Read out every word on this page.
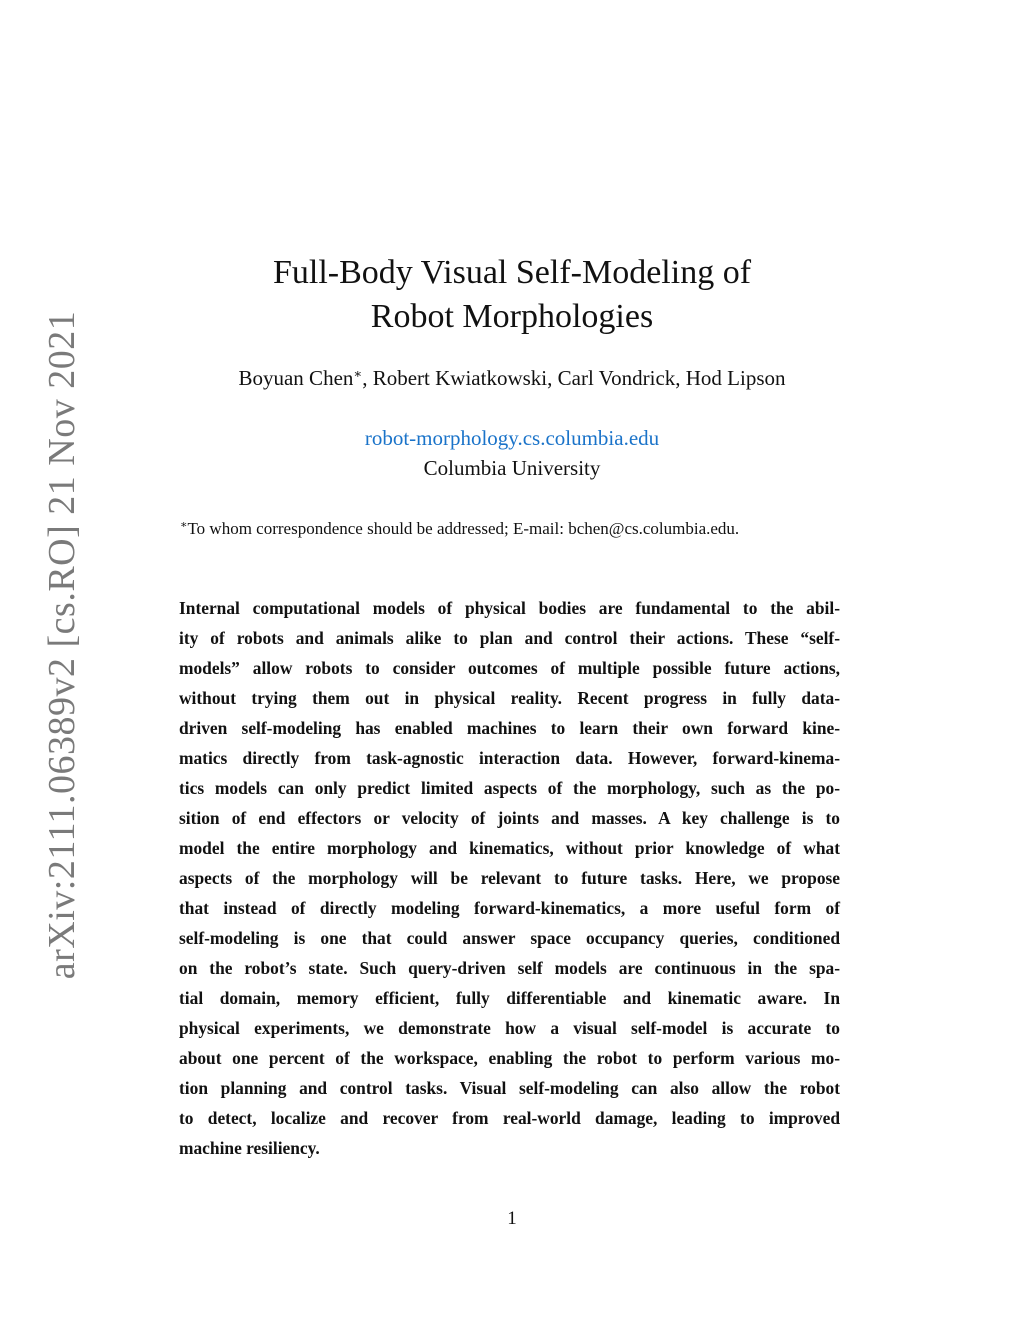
arXiv:2111.06389v2 [cs.RO] 21 Nov 2021
Full-Body Visual Self-Modeling of
Robot Morphologies
Boyuan Chen∗, Robert Kwiatkowski, Carl Vondrick, Hod Lipson
robot-morphology.cs.columbia.edu
Columbia University
∗To whom correspondence should be addressed; E-mail: bchen@cs.columbia.edu.
Internal computational models of physical bodies are fundamental to the abil-
ity of robots and animals alike to plan and control their actions. These “self-
models” allow robots to consider outcomes of multiple possible future actions,
without trying them out in physical reality. Recent progress in fully data-
driven self-modeling has enabled machines to learn their own forward kine-
matics directly from task-agnostic interaction data. However, forward-kinema-
tics models can only predict limited aspects of the morphology, such as the po-
sition of end effectors or velocity of joints and masses. A key challenge is to
model the entire morphology and kinematics, without prior knowledge of what
aspects of the morphology will be relevant to future tasks. Here, we propose
that instead of directly modeling forward-kinematics, a more useful form of
self-modeling is one that could answer space occupancy queries, conditioned
on the robot’s state. Such query-driven self models are continuous in the spa-
tial domain, memory efficient, fully differentiable and kinematic aware. In
physical experiments, we demonstrate how a visual self-model is accurate to
about one percent of the workspace, enabling the robot to perform various mo-
tion planning and control tasks. Visual self-modeling can also allow the robot
to detect, localize and recover from real-world damage, leading to improved
machine resiliency.
1
